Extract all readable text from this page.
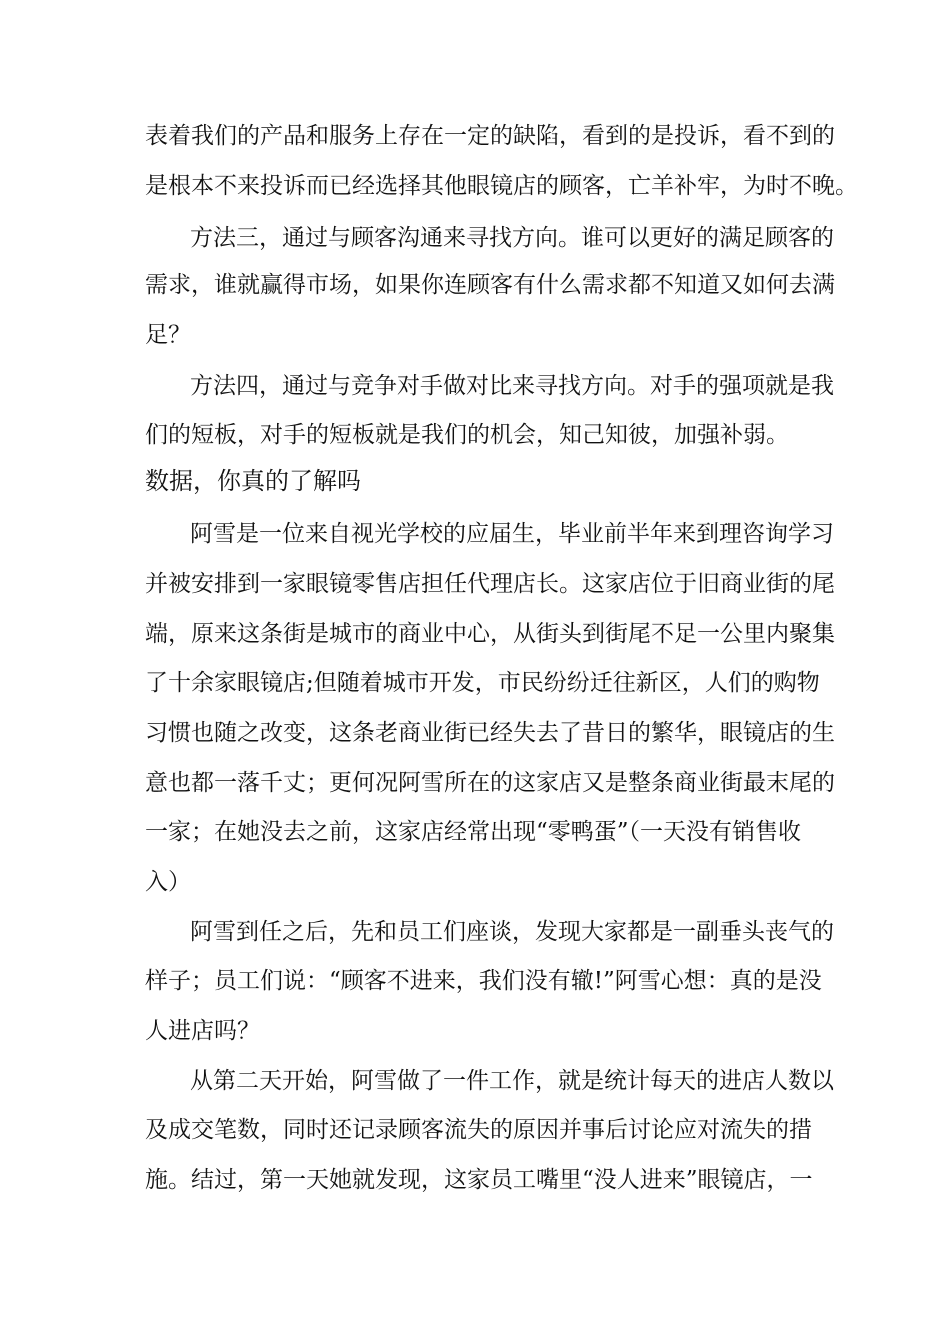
表着我们的产品和服务上存在一定的缺陷，看到的是投诉，看不到的
是根本不来投诉而已经选择其他眼镜店的顾客，亡羊补牢，为时不晚。
方法三，通过与顾客沟通来寻找方向。谁可以更好的满足顾客的
需求，谁就赢得市场，如果你连顾客有什么需求都不知道又如何去满
足？
方法四，通过与竞争对手做对比来寻找方向。对手的强项就是我
们的短板，对手的短板就是我们的机会，知己知彼，加强补弱。
数据，你真的了解吗
阿雪是一位来自视光学校的应届生，毕业前半年来到理咨询学习
并被安排到一家眼镜零售店担任代理店长。这家店位于旧商业街的尾
端，原来这条街是城市的商业中心，从街头到街尾不足一公里内聚集
了十余家眼镜店;但随着城市开发，市民纷纷迁往新区，人们的购物
习惯也随之改变，这条老商业街已经失去了昔日的繁华，眼镜店的生
意也都一落千丈；更何况阿雪所在的这家店又是整条商业街最末尾的
一家；在她没去之前，这家店经常出现“零鸭蛋”（一天没有销售收
入）
阿雪到任之后，先和员工们座谈，发现大家都是一副垂头丧气的
样子；员工们说：“顾客不进来，我们没有辙!”阿雪心想：真的是没
人进店吗？
从第二天开始，阿雪做了一件工作，就是统计每天的进店人数以
及成交笔数，同时还记录顾客流失的原因并事后讨论应对流失的措
施。结过，第一天她就发现，这家员工嘴里“没人进来”眼镜店，一
